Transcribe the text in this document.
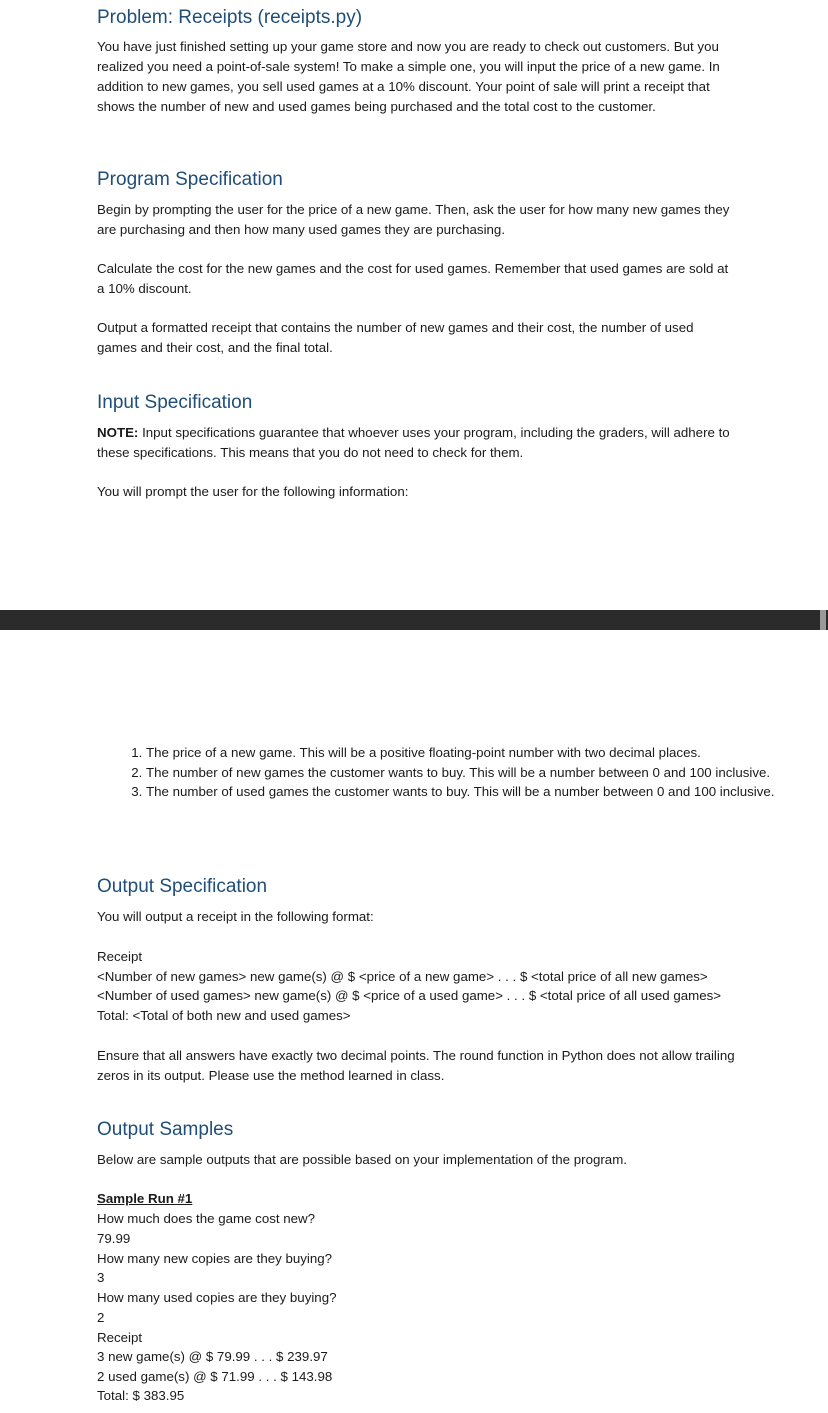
Problem: Receipts (receipts.py)

You have just finished setting up your game store and now you are ready to check out customers. But you realized you need a point-of-sale system! To make a simple one, you will input the price of a new game. In addition to new games, you sell used games at a 10% discount. Your point of sale will print a receipt that shows the number of new and used games being purchased and the total cost to the customer.

Program Specification

Begin by prompting the user for the price of a new game. Then, ask the user for how many new games they are purchasing and then how many used games they are purchasing.

Calculate the cost for the new games and the cost for used games. Remember that used games are sold at a 10% discount.

Output a formatted receipt that contains the number of new games and their cost, the number of used games and their cost, and the final total.

Input Specification

NOTE: Input specifications guarantee that whoever uses your program, including the graders, will adhere to these specifications. This means that you do not need to check for them.

You will prompt the user for the following information:

1. The price of a new game. This will be a positive floating-point number with two decimal places.
2. The number of new games the customer wants to buy. This will be a number between 0 and 100 inclusive.
3. The number of used games the customer wants to buy. This will be a number between 0 and 100 inclusive.
Output Specification
You will output a receipt in the following format:
Receipt
<Number of new games> new game(s) @ $ <price of a new game> . . . $ <total price of all new games>
<Number of used games> new game(s) @ $ <price of a used game> . . . $ <total price of all used games>
Total: <Total of both new and used games>

Ensure that all answers have exactly two decimal points. The round function in Python does not allow trailing zeros in its output. Please use the method learned in class.

Output Samples
Below are sample outputs that are possible based on your implementation of the program.
Sample Run #1
How much does the game cost new?
79.99
How many new copies are they buying?
3
How many used copies are they buying?
2
Receipt
3 new game(s) @ $ 79.99 . . . $ 239.97
2 used game(s) @ $ 71.99 . . . $ 143.98
Total: $ 383.95
